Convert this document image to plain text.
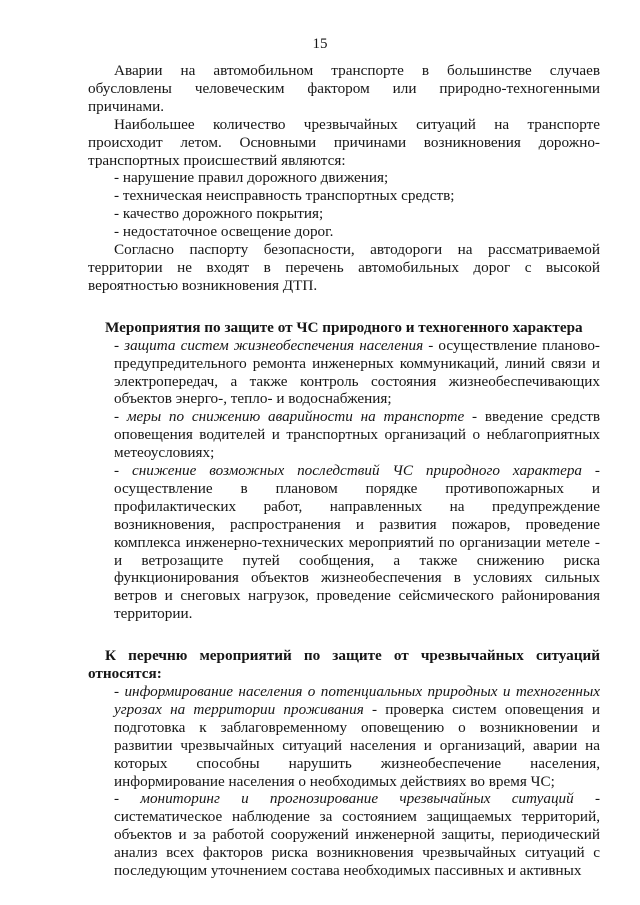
15

Аварии на автомобильном транспорте в большинстве случаев обусловлены человеческим фактором или природно-техногенными причинами.

Наибольшее количество чрезвычайных ситуаций на транспорте происходит летом. Основными причинами возникновения дорожно-транспортных происшествий являются:

- нарушение правил дорожного движения;

- техническая неисправность транспортных средств;

- качество дорожного покрытия;

- недостаточное освещение дорог.

Согласно паспорту безопасности, автодороги на рассматриваемой территории не входят в перечень автомобильных дорог с высокой вероятностью возникновения ДТП.

Мероприятия по защите от ЧС природного и техногенного характера

- защита систем жизнеобеспечения населения - осуществление планово-предупредительного ремонта инженерных коммуникаций, линий связи и электропередач, а также контроль состояния жизнеобеспечивающих объектов энерго-, тепло- и водоснабжения;

- меры по снижению аварийности на транспорте - введение средств оповещения водителей и транспортных организаций о неблагоприятных метеоусловиях;

- снижение возможных последствий ЧС природного характера - осуществление в плановом порядке противопожарных и профилактических работ, направленных на предупреждение возникновения, распространения и развития пожаров, проведение комплекса инженерно-технических мероприятий по организации метеле - и ветрозащите путей сообщения, а также снижению риска функционирования объектов жизнеобеспечения в условиях сильных ветров и снеговых нагрузок, проведение сейсмического районирования территории.

К перечню мероприятий по защите от чрезвычайных ситуаций относятся:

- информирование населения о потенциальных природных и техногенных угрозах на территории проживания - проверка систем оповещения и подготовка к заблаговременному оповещению о возникновении и развитии чрезвычайных ситуаций населения и организаций, аварии на которых способны нарушить жизнеобеспечение населения, информирование населения о необходимых действиях во время ЧС;

- мониторинг и прогнозирование чрезвычайных ситуаций - систематическое наблюдение за состоянием защищаемых территорий, объектов и за работой сооружений инженерной защиты, периодический анализ всех факторов риска возникновения чрезвычайных ситуаций с последующим уточнением состава необходимых пассивных и активных
